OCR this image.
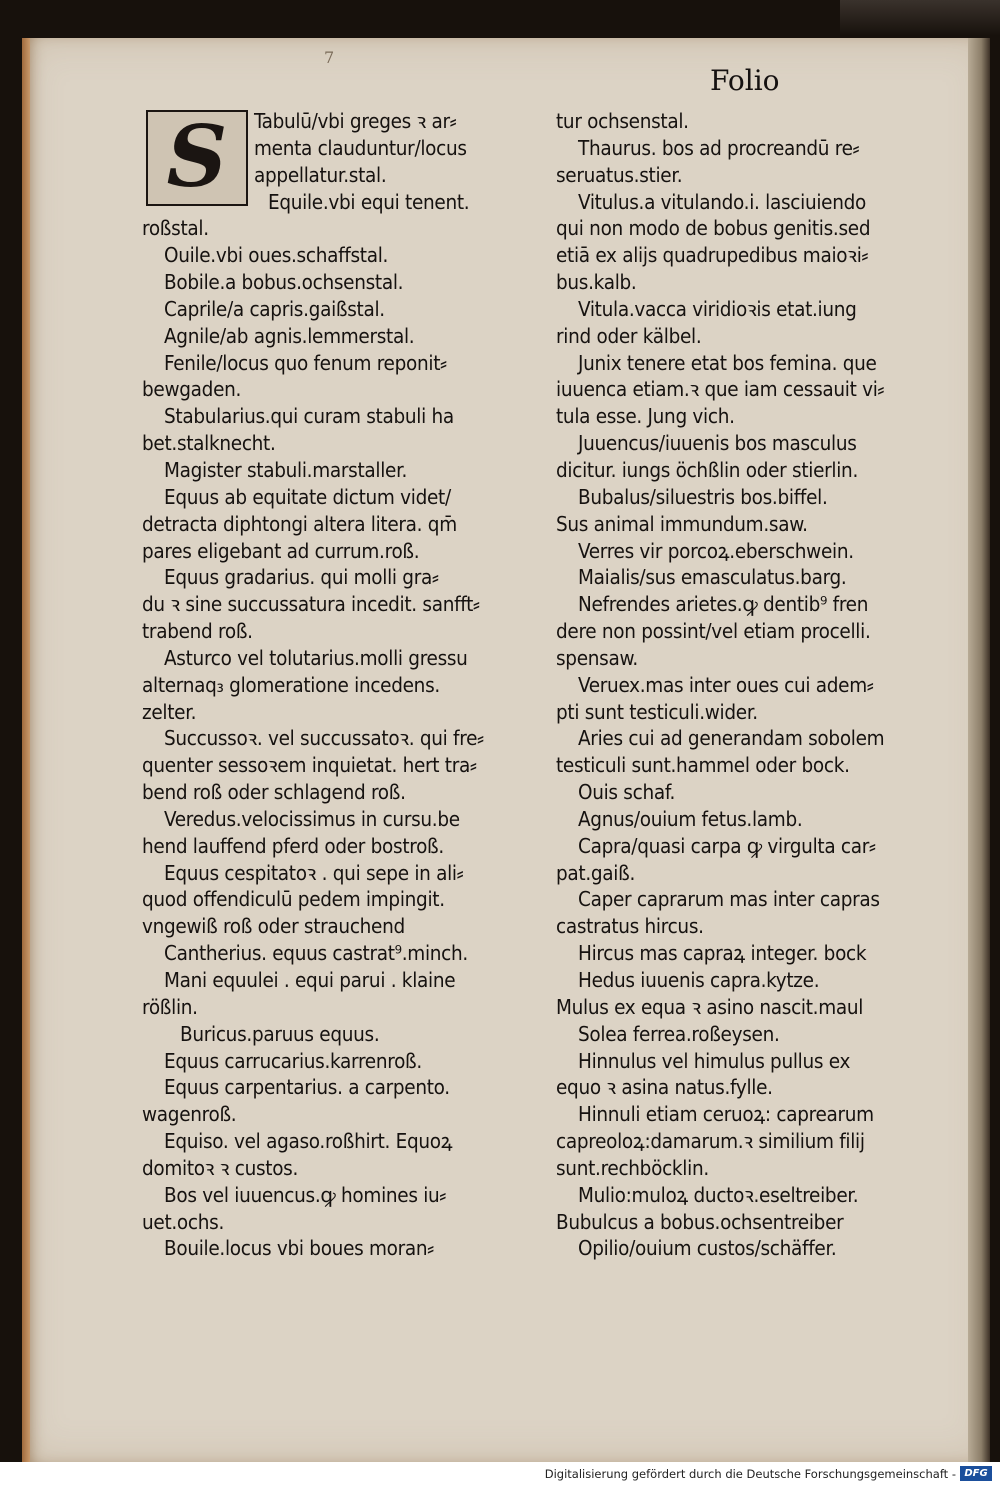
7
Folio
S	Tabulū/vbi greges ꝛ ar⸗
menta clauduntur/locus
appellatur.stal.
Equile.vbi equi tenent.
roßstal.
Ouile.vbi oues.schaffstal.
Bobile.a bobus.ochsenstal.
Caprile/a capris.gaißstal.
Agnile/ab agnis.lemmerstal.
Fenile/locus quo fenum reponit⸗
bewgaden.
Stabularius.qui curam stabuli ha
bet.stalknecht.
Magister stabuli.marstaller.
Equus ab equitate dictum videt/
detracta diphtongi altera litera. qm̄
pares eligebant ad currum.roß.
Equus gradarius. qui molli gra⸗
du ꝛ sine succussatura incedit. sanfft⸗
trabend roß.
Asturco vel tolutarius.molli gressu
alternaq₃ glomeratione incedens.
zelter.
Succussoꝛ. vel succussatoꝛ. qui fre⸗
quenter sessoꝛem inquietat. hert tra⸗
bend roß oder schlagend roß.
Veredus.velocissimus in cursu.be
hend lauffend pferd oder bostroß.
Equus cespitatoꝛ . qui sepe in ali⸗
quod offendiculū pedem impingit.
vngewiß roß oder strauchend
Cantherius. equus castrat⁹.minch.
Mani equulei . equi parui . klaine
rößlin.
Buricus.paruus equus.
Equus carrucarius.karrenroß.
Equus carpentarius. a carpento.
wagenroß.
Equiso. vel agaso.roßhirt. Equoꝝ
domitoꝛ ꝛ custos.
Bos vel iuuencus.ꝙ homines iu⸗
uet.ochs.
Bouile.locus vbi boues moran⸗
tur ochsenstal.
Thaurus. bos ad procreandū re⸗
seruatus.stier.
Vitulus.a vitulando.i. lasciuiendo
qui non modo de bobus genitis.sed
etiā ex alijs quadrupedibus maioꝛi⸗
bus.kalb.
Vitula.vacca viridioꝛis etat.iung
rind oder kälbel.
Junix tenere etat bos femina. que
iuuenca etiam.ꝛ que iam cessauit vi⸗
tula esse. Jung vich.
Juuencus/iuuenis bos masculus
dicitur. iungs öchßlin oder stierlin.
Bubalus/siluestris bos.biffel.
Sus animal immundum.saw.
Verres vir porcoꝝ.eberschwein.
Maialis/sus emasculatus.barg.
Nefrendes arietes.ꝙ dentib⁹ fren
dere non possint/vel etiam procelli.
spensaw.
Veruex.mas inter oues cui adem⸗
pti sunt testiculi.wider.
Aries cui ad generandam sobolem
testiculi sunt.hammel oder bock.
Ouis schaf.
Agnus/ouium fetus.lamb.
Capra/quasi carpa ꝙ virgulta car⸗
pat.gaiß.
Caper caprarum mas inter capras
castratus hircus.
Hircus mas capraꝝ integer. bock
Hedus iuuenis capra.kytze.
Mulus ex equa ꝛ asino nascit.maul
Solea ferrea.roßeysen.
Hinnulus vel himulus pullus ex
equo ꝛ asina natus.fylle.
Hinnuli etiam ceruoꝝ: caprearum
capreoloꝝ:damarum.ꝛ similium filij
sunt.rechböcklin.
Mulio:muloꝝ ductoꝛ.eseltreiber.
Bubulcus a bobus.ochsentreiber
Opilio/ouium custos/schäffer.
Digitalisierung gefördert durch die Deutsche Forschungsgemeinschaft - DFG
